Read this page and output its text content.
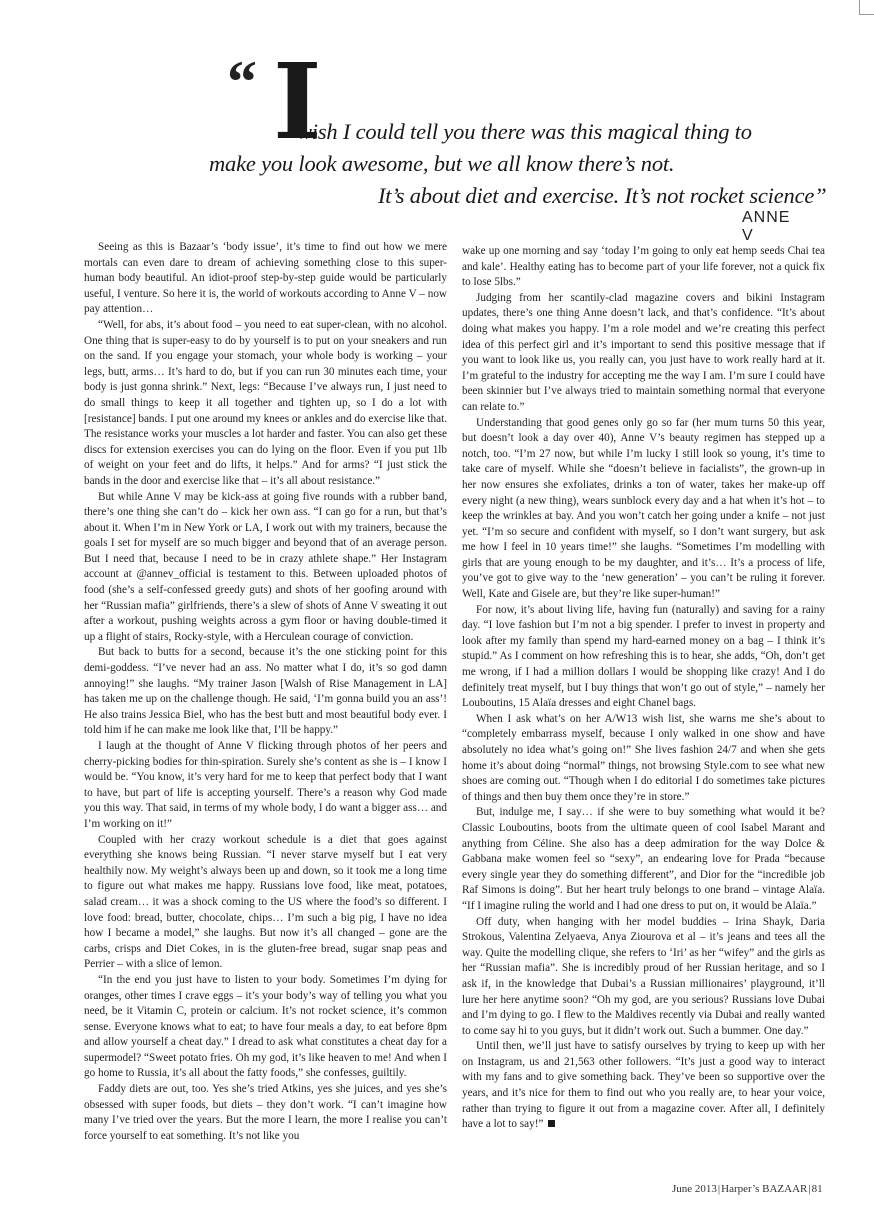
“ I
wish I could tell you there was this magical thing to
make you look awesome, but we all know there’s not.
It’s about diet and exercise. It’s not rocket science”
ANNE V

Seeing as this is Bazaar’s ‘body issue’, it’s time to find out how we mere mortals can even dare to dream of achieving something close to this super-human body beautiful. An idiot-proof step-by-step guide would be particularly useful, I venture. So here it is, the world of workouts according to Anne V – now pay attention…

“Well, for abs, it’s about food – you need to eat super-clean, with no alcohol. One thing that is super-easy to do by yourself is to put on your sneakers and run on the sand. If you engage your stomach, your whole body is working – your legs, butt, arms… It’s hard to do, but if you can run 30 minutes each time, your body is just gonna shrink.” Next, legs: “Because I’ve always run, I just need to do small things to keep it all together and tighten up, so I do a lot with [resistance] bands. I put one around my knees or ankles and do exercise like that. The resistance works your muscles a lot harder and faster. You can also get these discs for extension exercises you can do lying on the floor. Even if you put 1lb of weight on your feet and do lifts, it helps.” And for arms? “I just stick the bands in the door and exercise like that – it’s all about resistance.”

But while Anne V may be kick-ass at going five rounds with a rubber band, there’s one thing she can’t do – kick her own ass. “I can go for a run, but that’s about it. When I’m in New York or LA, I work out with my trainers, because the goals I set for myself are so much bigger and beyond that of an average person. But I need that, because I need to be in crazy athlete shape.” Her Instagram account at @annev_official is testament to this. Between uploaded photos of food (she’s a self-confessed greedy guts) and shots of her goofing around with her “Russian mafia” girlfriends, there’s a slew of shots of Anne V sweating it out after a workout, pushing weights across a gym floor or having double-timed it up a flight of stairs, Rocky-style, with a Herculean courage of conviction.

But back to butts for a second, because it’s the one sticking point for this demi-goddess. “I’ve never had an ass. No matter what I do, it’s so god damn annoying!” she laughs. “My trainer Jason [Walsh of Rise Management in LA] has taken me up on the challenge though. He said, ‘I’m gonna build you an ass’! He also trains Jessica Biel, who has the best butt and most beautiful body ever. I told him if he can make me look like that, I’ll be happy.”

I laugh at the thought of Anne V flicking through photos of her peers and cherry-picking bodies for thin-spiration. Surely she’s content as she is – I know I would be. “You know, it’s very hard for me to keep that perfect body that I want to have, but part of life is accepting yourself. There’s a reason why God made you this way. That said, in terms of my whole body, I do want a bigger ass… and I’m working on it!”

Coupled with her crazy workout schedule is a diet that goes against everything she knows being Russian. “I never starve myself but I eat very healthily now. My weight’s always been up and down, so it took me a long time to figure out what makes me happy. Russians love food, like meat, potatoes, salad cream… it was a shock coming to the US where the food’s so different. I love food: bread, butter, chocolate, chips… I’m such a big pig, I have no idea how I became a model,” she laughs. But now it’s all changed – gone are the carbs, crisps and Diet Cokes, in is the gluten-free bread, sugar snap peas and Perrier – with a slice of lemon.

“In the end you just have to listen to your body. Sometimes I’m dying for oranges, other times I crave eggs – it’s your body’s way of telling you what you need, be it Vitamin C, protein or calcium. It’s not rocket science, it’s common sense. Everyone knows what to eat; to have four meals a day, to eat before 8pm and allow yourself a cheat day.” I dread to ask what constitutes a cheat day for a supermodel? “Sweet potato fries. Oh my god, it’s like heaven to me! And when I go home to Russia, it’s all about the fatty foods,” she confesses, guiltily.

Faddy diets are out, too. Yes she’s tried Atkins, yes she juices, and yes she’s obsessed with super foods, but diets – they don’t work. “I can’t imagine how many I’ve tried over the years. But the more I learn, the more I realise you can’t force yourself to eat something. It’s not like you

wake up one morning and say ‘today I’m going to only eat hemp seeds Chai tea and kale’. Healthy eating has to become part of your life forever, not a quick fix to lose 5lbs.”

Judging from her scantily-clad magazine covers and bikini Instagram updates, there’s one thing Anne doesn’t lack, and that’s confidence. “It’s about doing what makes you happy. I’m a role model and we’re creating this perfect idea of this perfect girl and it’s important to send this positive message that if you want to look like us, you really can, you just have to work really hard at it. I’m grateful to the industry for accepting me the way I am. I’m sure I could have been skinnier but I’ve always tried to maintain something normal that everyone can relate to.”

Understanding that good genes only go so far (her mum turns 50 this year, but doesn’t look a day over 40), Anne V’s beauty regimen has stepped up a notch, too. “I’m 27 now, but while I’m lucky I still look so young, it’s time to take care of myself. While she “doesn’t believe in facialists”, the grown-up in her now ensures she exfoliates, drinks a ton of water, takes her make-up off every night (a new thing), wears sunblock every day and a hat when it’s hot – to keep the wrinkles at bay. And you won’t catch her going under a knife – not just yet. “I’m so secure and confident with myself, so I don’t want surgery, but ask me how I feel in 10 years time!” she laughs. “Sometimes I’m modelling with girls that are young enough to be my daughter, and it’s… It’s a process of life, you’ve got to give way to the ‘new generation’ – you can’t be ruling it forever. Well, Kate and Gisele are, but they’re like super-human!”

For now, it’s about living life, having fun (naturally) and saving for a rainy day. “I love fashion but I’m not a big spender. I prefer to invest in property and look after my family than spend my hard-earned money on a bag – I think it’s stupid.” As I comment on how refreshing this is to hear, she adds, “Oh, don’t get me wrong, if I had a million dollars I would be shopping like crazy! And I do definitely treat myself, but I buy things that won’t go out of style,” – namely her Louboutins, 15 Alaïa dresses and eight Chanel bags.

When I ask what’s on her A/W13 wish list, she warns me she’s about to “completely embarrass myself, because I only walked in one show and have absolutely no idea what’s going on!” She lives fashion 24/7 and when she gets home it’s about doing “normal” things, not browsing Style.com to see what new shoes are coming out. “Though when I do editorial I do sometimes take pictures of things and then buy them once they’re in store.”

But, indulge me, I say… if she were to buy something what would it be? Classic Louboutins, boots from the ultimate queen of cool Isabel Marant and anything from Céline. She also has a deep admiration for the way Dolce & Gabbana make women feel so “sexy”, an endearing love for Prada “because every single year they do something different”, and Dior for the “incredible job Raf Simons is doing”. But her heart truly belongs to one brand – vintage Alaïa. “If I imagine ruling the world and I had one dress to put on, it would be Alaïa.”

Off duty, when hanging with her model buddies – Irina Shayk, Daria Strokous, Valentina Zelyaeva, Anya Ziourova et al – it’s jeans and tees all the way. Quite the modelling clique, she refers to ‘Iri’ as her “wifey” and the girls as her “Russian mafia”. She is incredibly proud of her Russian heritage, and so I ask if, in the knowledge that Dubai’s a Russian millionaires’ playground, it’ll lure her here anytime soon? “Oh my god, are you serious? Russians love Dubai and I’m dying to go. I flew to the Maldives recently via Dubai and really wanted to come say hi to you guys, but it didn’t work out. Such a bummer. One day.”

Until then, we’ll just have to satisfy ourselves by trying to keep up with her on Instagram, us and 21,563 other followers. “It’s just a good way to interact with my fans and to give something back. They’ve been so supportive over the years, and it’s nice for them to find out who you really are, to hear your voice, rather than trying to figure it out from a magazine cover. After all, I definitely have a lot to say!”

June 2013|Harper’s BAZAAR|81
